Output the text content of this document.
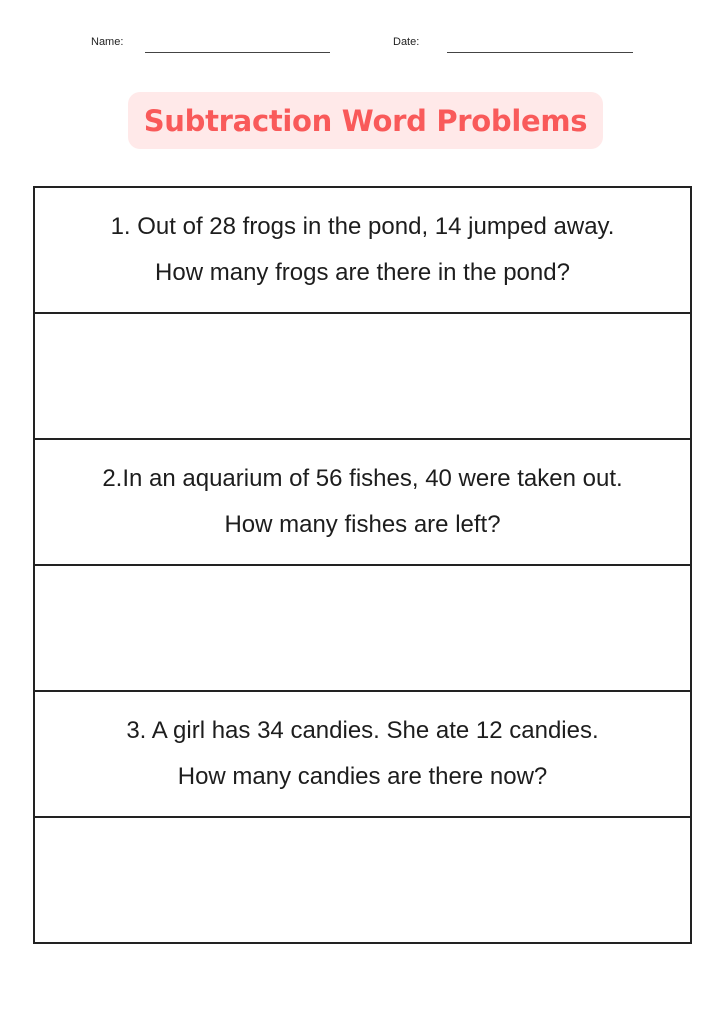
Name:	Date:
Subtraction Word Problems
1. Out of 28 frogs in the pond, 14 jumped away.
How many frogs are there in the pond?
2.In an aquarium of 56 fishes, 40 were taken out.
How many fishes are left?
3. A girl has 34 candies. She ate 12 candies.
How many candies are there now?
